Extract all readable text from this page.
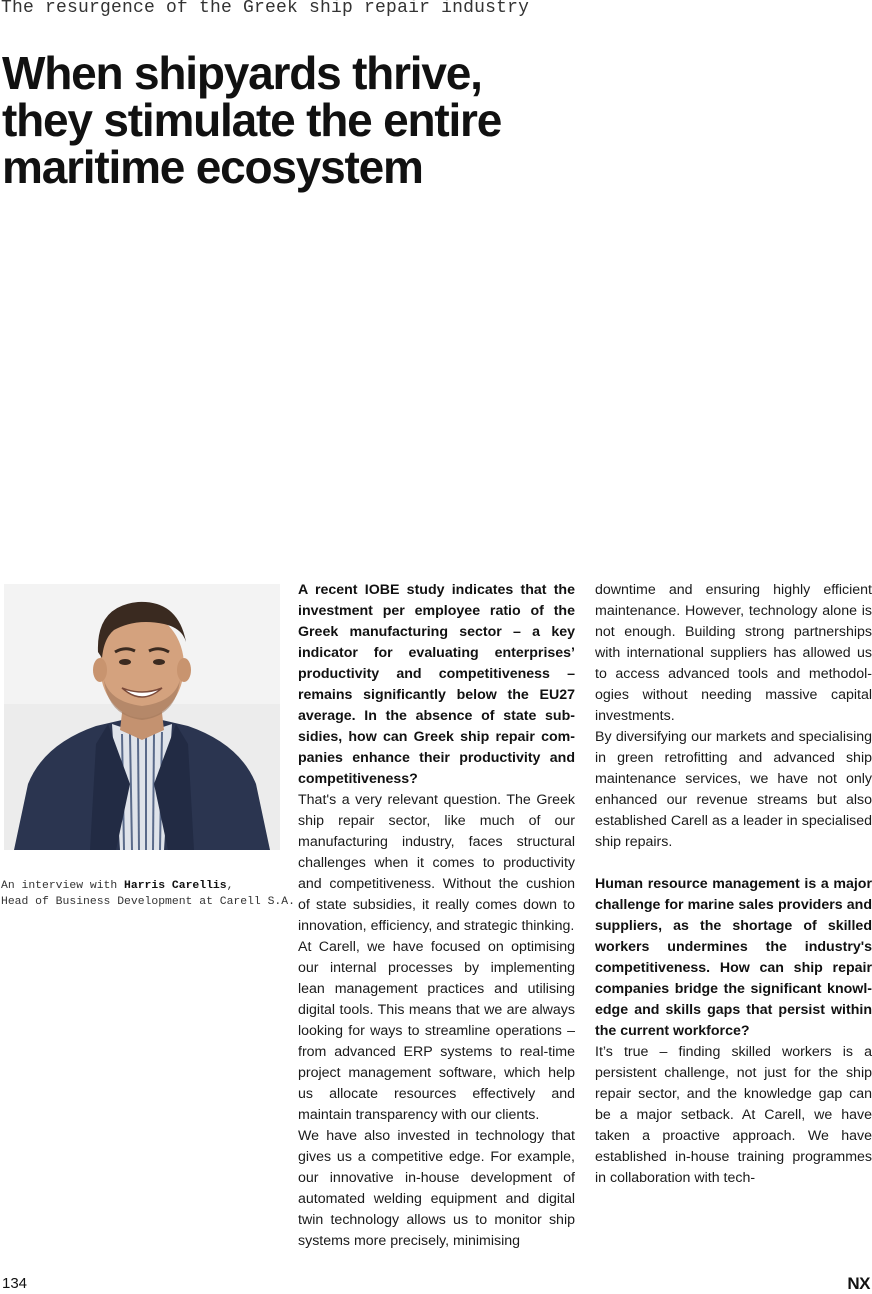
The resurgence of the Greek ship repair industry
When shipyards thrive,
they stimulate the entire
maritime ecosystem
An interview with Harris Carellis,
Head of Business Development at Carell S.A.

A recent IOBE study indicates that the investment per employee ratio of the Greek manufacturing sector – a key indicator for evaluating enterprises’ productivity and competitiveness – remains significantly below the EU27 average. In the absence of state subsidies, how can Greek ship repair companies enhance their productivity and competitiveness?

That's a very relevant question. The Greek ship repair sector, like much of our manufacturing industry, faces structural challenges when it comes to productivity and competitiveness. Without the cushion of state subsidies, it really comes down to innovation, efficiency, and strategic thinking.

At Carell, we have focused on optimising our internal processes by implementing lean management practices and utilising digital tools. This means that we are always looking for ways to streamline operations – from advanced ERP systems to real-time project management software, which help us allocate resources effectively and maintain transparency with our clients.

We have also invested in technology that gives us a competitive edge. For example, our innovative in-house development of automated welding equipment and digital twin technology allows us to monitor ship systems more precisely, minimising

downtime and ensuring highly efficient maintenance. However, technology alone is not enough. Building strong partnerships with international suppliers has allowed us to access advanced tools and methodologies without needing massive capital investments.

By diversifying our markets and specialising in green retrofitting and advanced ship maintenance services, we have not only enhanced our revenue streams but also established Carell as a leader in specialised ship repairs.

Human resource management is a major challenge for marine sales providers and suppliers, as the shortage of skilled workers undermines the industry's competitiveness. How can ship repair companies bridge the significant knowledge and skills gaps that persist within the current workforce?

It’s true – finding skilled workers is a persistent challenge, not just for the ship repair sector, and the knowledge gap can be a major setback. At Carell, we have taken a proactive approach. We have established in-house training programmes in collaboration with tech-

134	NX
